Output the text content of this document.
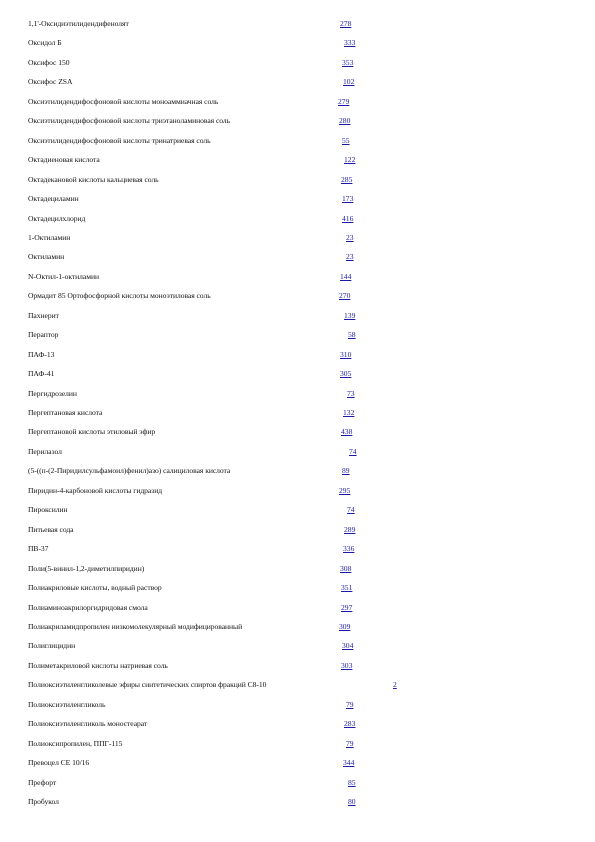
1,1'-Оксидиэтилидендифенолят	278
Оксидол Б	333
Оксифос 150	353
Оксифос ZSA	102
Оксиэтилидендифосфоновой кислоты моноаммиачная соль	279
Оксиэтилидендифосфоновой кислоты триэтаноламиновая соль	280
Оксиэтилидендифосфоновой кислоты тринатриевая соль	55
Октадиеновая кислота	122
Октадекановой кислоты кальциевая соль	285
Октадециламин	173
Октадецилхлорид	416
1-Октиламин	23
Октиламин	23
N-Октил-1-октиламин	144
Ормадит 85 Ортофосфорной кислоты моноэтиловая соль	270
Пахнерит	139
Пераптор	58
ПАФ-13	310
ПАФ-41	305
Пергидрозелин	73
Пергептановая кислота	132
Пергептановой кислоты этиловый эфир	438
Перилазол	74
(5-((п-(2-Пиридилсульфамоил)фенил)азо) салициловая кислота	89
Пиридин-4-карбоновой кислоты гидразид	295
Пироксилин	74
Питьевая сода	289
ПВ-37	336
Поли(5-винил-1,2-диметилпиридин)	308
Полиакриловые кислоты, водный раствор	351
Полиаминоакрилоргидридовая смола	297
Полиакриламидпропилен низкомолекулярный модифицированный	309
Полиглицидин	304
Полиметакриловой кислоты натриевая соль	303
Полиоксиэтиленгликолевые эфиры синтетических спиртов фракций С8-10	2
Полиоксиэтиленгликоль	79
Полиоксиэтиленгликоль моностеарат	283
Полиоксипропилен, ППГ-115	79
Превоцел СЕ 10/16	344
Префорт	85
Пробукол	80
